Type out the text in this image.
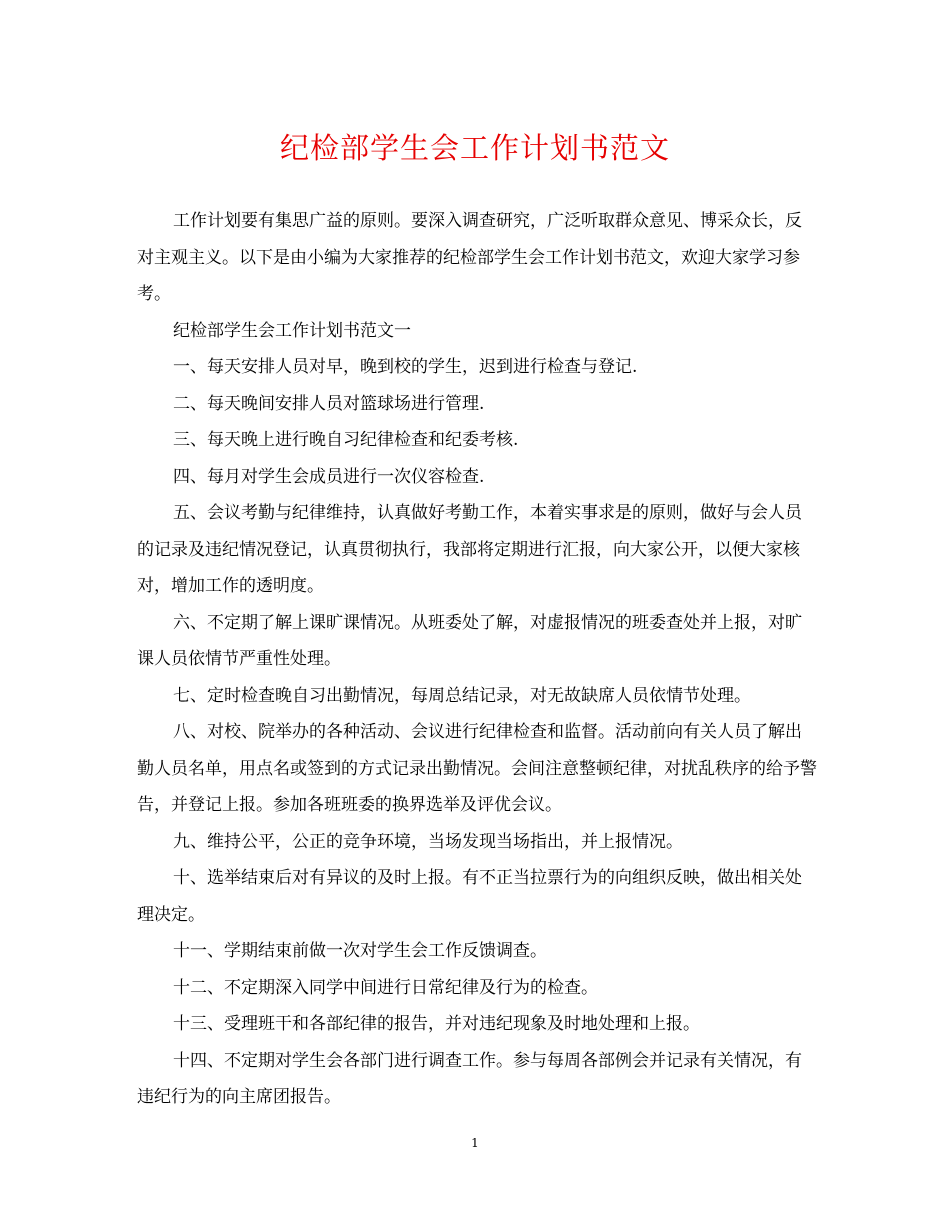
纪检部学生会工作计划书范文

工作计划要有集思广益的原则。要深入调查研究，广泛听取群众意见、博采众长，反对主观主义。以下是由小编为大家推荐的纪检部学生会工作计划书范文，欢迎大家学习参考。

纪检部学生会工作计划书范文一

一、每天安排人员对早，晚到校的学生，迟到进行检查与登记.

二、每天晚间安排人员对篮球场进行管理.

三、每天晚上进行晚自习纪律检查和纪委考核.

四、每月对学生会成员进行一次仪容检查.

五、会议考勤与纪律维持，认真做好考勤工作，本着实事求是的原则，做好与会人员的记录及违纪情况登记，认真贯彻执行，我部将定期进行汇报，向大家公开，以便大家核对，增加工作的透明度。

六、不定期了解上课旷课情况。从班委处了解，对虚报情况的班委查处并上报，对旷课人员依情节严重性处理。

七、定时检查晚自习出勤情况，每周总结记录，对无故缺席人员依情节处理。

八、对校、院举办的各种活动、会议进行纪律检查和监督。活动前向有关人员了解出勤人员名单，用点名或签到的方式记录出勤情况。会间注意整顿纪律，对扰乱秩序的给予警告，并登记上报。参加各班班委的换界选举及评优会议。

九、维持公平，公正的竞争环境，当场发现当场指出，并上报情况。

十、选举结束后对有异议的及时上报。有不正当拉票行为的向组织反映，做出相关处理决定。

十一、学期结束前做一次对学生会工作反馈调查。

十二、不定期深入同学中间进行日常纪律及行为的检查。

十三、受理班干和各部纪律的报告，并对违纪现象及时地处理和上报。

十四、不定期对学生会各部门进行调查工作。参与每周各部例会并记录有关情况，有违纪行为的向主席团报告。

1
